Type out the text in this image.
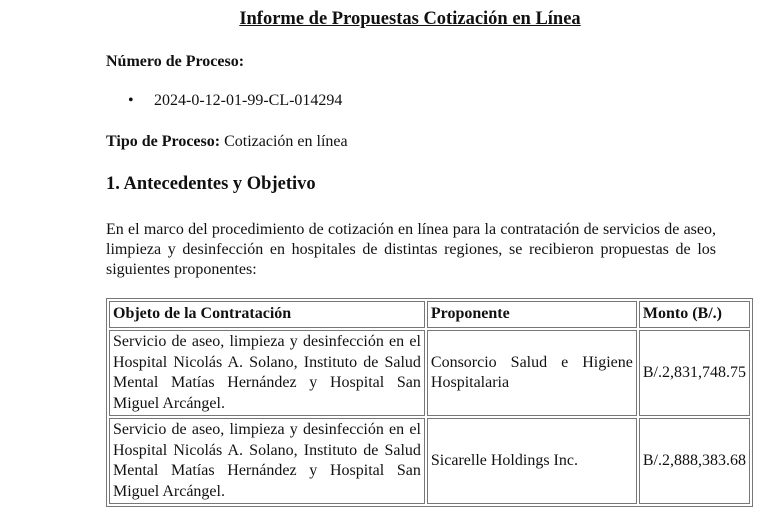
Informe de Propuestas Cotización en Línea
Número de Proceso:
• 2024-0-12-01-99-CL-014294
Tipo de Proceso: Cotización en línea
1. Antecedentes y Objetivo
En el marco del procedimiento de cotización en línea para la contratación de servicios de aseo, limpieza y desinfección en hospitales de distintas regiones, se recibieron propuestas de los siguientes proponentes:
Objeto de la Contratación	Proponente	Monto (B/.)
Servicio de aseo, limpieza y desinfección en el Hospital Nicolás A. Solano, Instituto de Salud Mental Matías Hernández y Hospital San Miguel Arcángel.	Consorcio Salud e Higiene Hospitalaria	B/.2,831,748.75
Servicio de aseo, limpieza y desinfección en el Hospital Nicolás A. Solano, Instituto de Salud Mental Matías Hernández y Hospital San Miguel Arcángel.	Sicarelle Holdings Inc.	B/.2,888,383.68
